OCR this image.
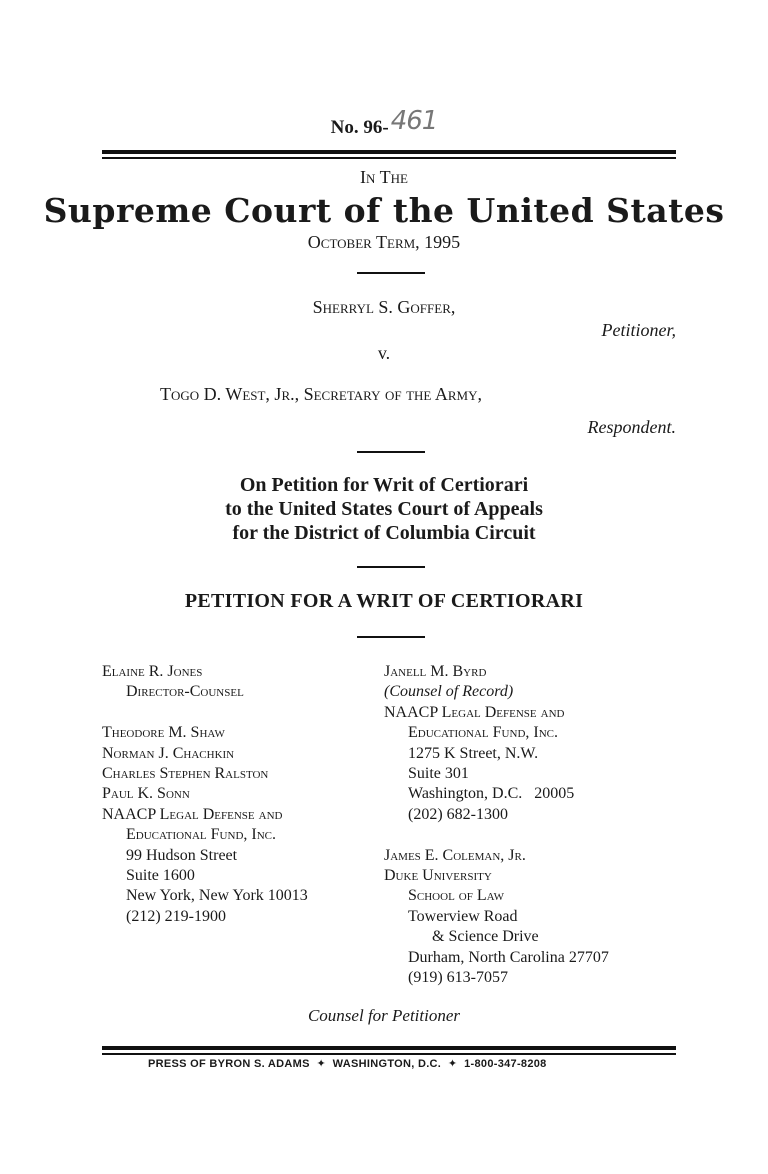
No. 96-461
In The
Supreme Court of the United States
October Term, 1995
Sherryl S. Goffer,
Petitioner,
v.
Togo D. West, Jr., Secretary of the Army,
Respondent.
On Petition for Writ of Certiorari
to the United States Court of Appeals
for the District of Columbia Circuit
PETITION FOR A WRIT OF CERTIORARI
Elaine R. Jones
Director-Counsel
Theodore M. Shaw
Norman J. Chachkin
Charles Stephen Ralston
Paul K. Sonn
NAACP Legal Defense and
Educational Fund, Inc.
99 Hudson Street
Suite 1600
New York, New York 10013
(212) 219-1900
Janell M. Byrd
(Counsel of Record)
NAACP Legal Defense and
Educational Fund, Inc.
1275 K Street, N.W.
Suite 301
Washington, D.C.   20005
(202) 682-1300
James E. Coleman, Jr.
Duke University
School of Law
Towerview Road
& Science Drive
Durham, North Carolina 27707
(919) 613-7057
Counsel for Petitioner
PRESS OF BYRON S. ADAMS  ✦  WASHINGTON, D.C.  ✦  1-800-347-8208
